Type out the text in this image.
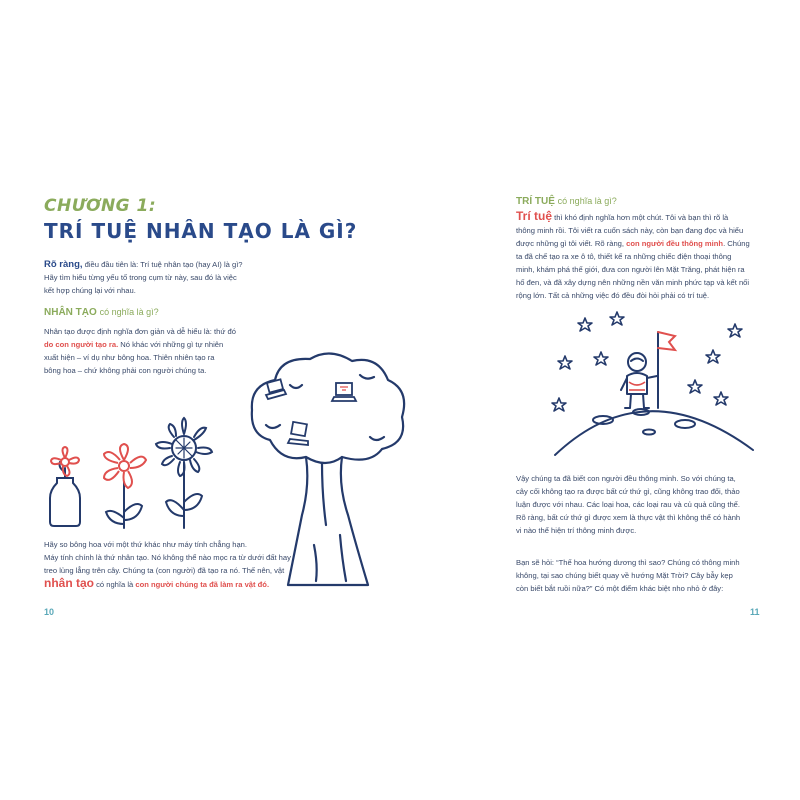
CHƯƠNG 1:
TRÍ TUỆ NHÂN TẠO LÀ GÌ?
Rõ ràng, điều đầu tiên là: Trí tuệ nhân tạo (hay AI) là gì?
Hãy tìm hiểu từng yếu tố trong cụm từ này, sau đó là việc
kết hợp chúng lại với nhau.
NHÂN TẠO có nghĩa là gì?
Nhân tạo được định nghĩa đơn giản và dễ hiểu là: thứ đó
do con người tạo ra. Nó khác với những gì tự nhiên
xuất hiện – ví dụ như bông hoa. Thiên nhiên tạo ra
bông hoa – chứ không phải con người chúng ta.
Hãy so bông hoa với một thứ khác như máy tính chẳng hạn.
Máy tính chính là thứ nhân tạo. Nó không thể nào mọc ra từ dưới đất hay
treo lủng lẳng trên cây. Chúng ta (con người) đã tạo ra nó. Thế nên, vật
nhân tạo có nghĩa là con người chúng ta đã làm ra vật đó.
10
TRÍ TUỆ có nghĩa là gì?
Trí tuệ thì khó định nghĩa hơn một chút. Tôi và bạn thì rõ là
thông minh rồi. Tôi viết ra cuốn sách này, còn bạn đang đọc và hiểu
được những gì tôi viết. Rõ ràng, con người đều thông minh. Chúng
ta đã chế tạo ra xe ô tô, thiết kế ra những chiếc điện thoại thông
minh, khám phá thế giới, đưa con người lên Mặt Trăng, phát hiện ra
hố đen, và đã xây dựng nên những nền văn minh phức tạp và kết nối
rộng lớn. Tất cả những việc đó đều đòi hỏi phải có trí tuệ.
Vậy chúng ta đã biết con người đều thông minh. So với chúng ta,
cây cối không tạo ra được bất cứ thứ gì, cũng không trao đổi, thảo
luận được với nhau. Các loại hoa, các loại rau và củ quả cũng thế.
Rõ ràng, bất cứ thứ gì được xem là thực vật thì không thể có hành
vi nào thể hiện trí thông minh được.
Bạn sẽ hỏi: “Thế hoa hướng dương thì sao? Chúng có thông minh
không, tại sao chúng biết quay về hướng Mặt Trời? Cây bẫy kẹp
còn biết bắt ruồi nữa?” Có một điểm khác biệt nho nhỏ ở đây:
11
